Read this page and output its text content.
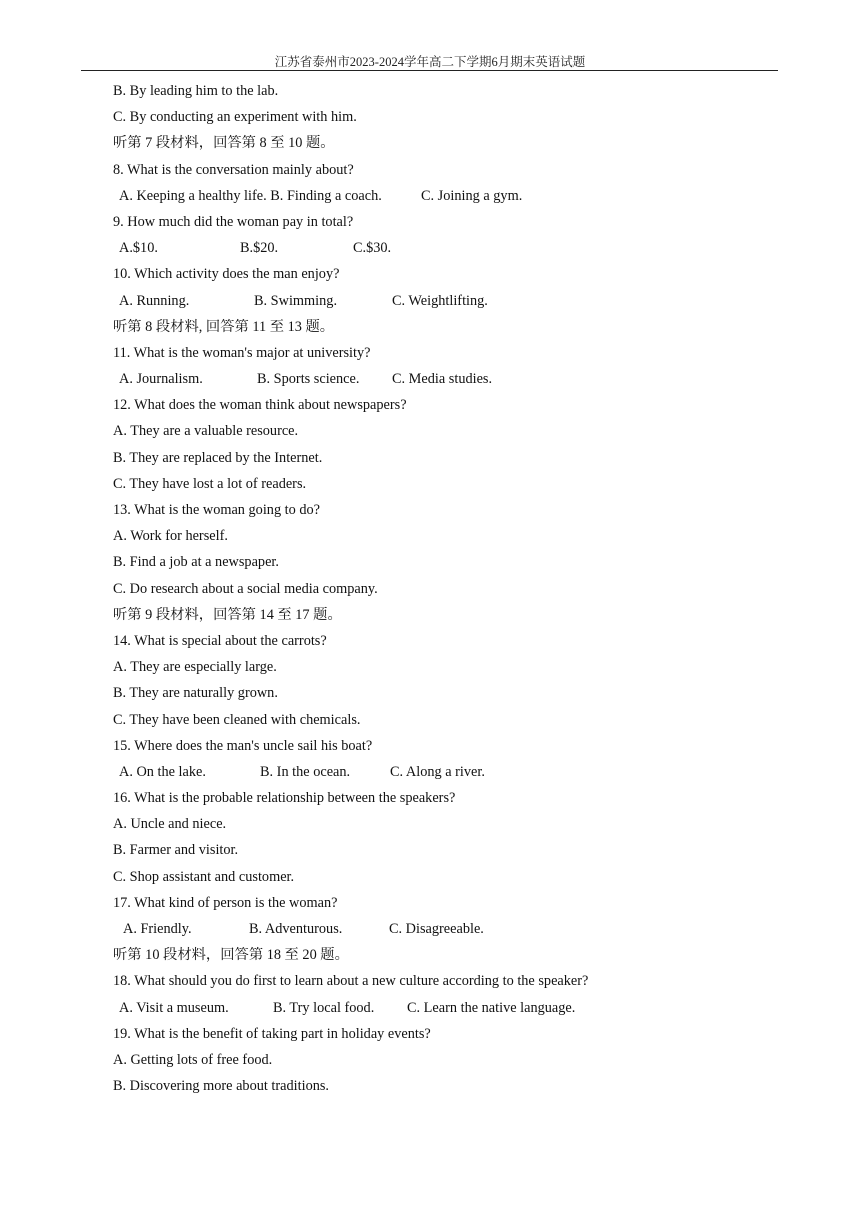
江苏省泰州市2023-2024学年高二下学期6月期末英语试题
B. By leading him to the lab.
C. By conducting an experiment with him.
听第 7 段材料，回答第 8 至 10 题。
8. What is the conversation mainly about?
A. Keeping a healthy life. B. Finding a coach.	C. Joining a gym.
9. How much did the woman pay in total?
A.$10.	B.$20.	C.$30.
10. Which activity does the man enjoy?
A. Running.	B. Swimming.	C. Weightlifting.
听第 8 段材料, 回答第 11 至 13 题。
11. What is the woman's major at university?
A. Journalism.	B. Sports science. C. Media studies.
12. What does the woman think about newspapers?
A. They are a valuable resource.
B. They are replaced by the Internet.
C. They have lost a lot of readers.
13. What is the woman going to do?
A. Work for herself.
B. Find a job at a newspaper.
C. Do research about a social media company.
听第 9 段材料，回答第 14 至 17 题。
14. What is special about the carrots?
A. They are especially large.
B. They are naturally grown.
C. They have been cleaned with chemicals.
15. Where does the man's uncle sail his boat?
A. On the lake.	B. In the ocean.	C. Along a river.
16. What is the probable relationship between the speakers?
A. Uncle and niece.
B. Farmer and visitor.
C. Shop assistant and customer.
17. What kind of person is the woman?
A. Friendly.	B. Adventurous.	C. Disagreeable.
听第 10 段材料，回答第 18 至 20 题。
18. What should you do first to learn about a new culture according to the speaker?
A. Visit a museum.	B. Try local food. C. Learn the native language.
19. What is the benefit of taking part in holiday events?
A. Getting lots of free food.
B. Discovering more about traditions.
